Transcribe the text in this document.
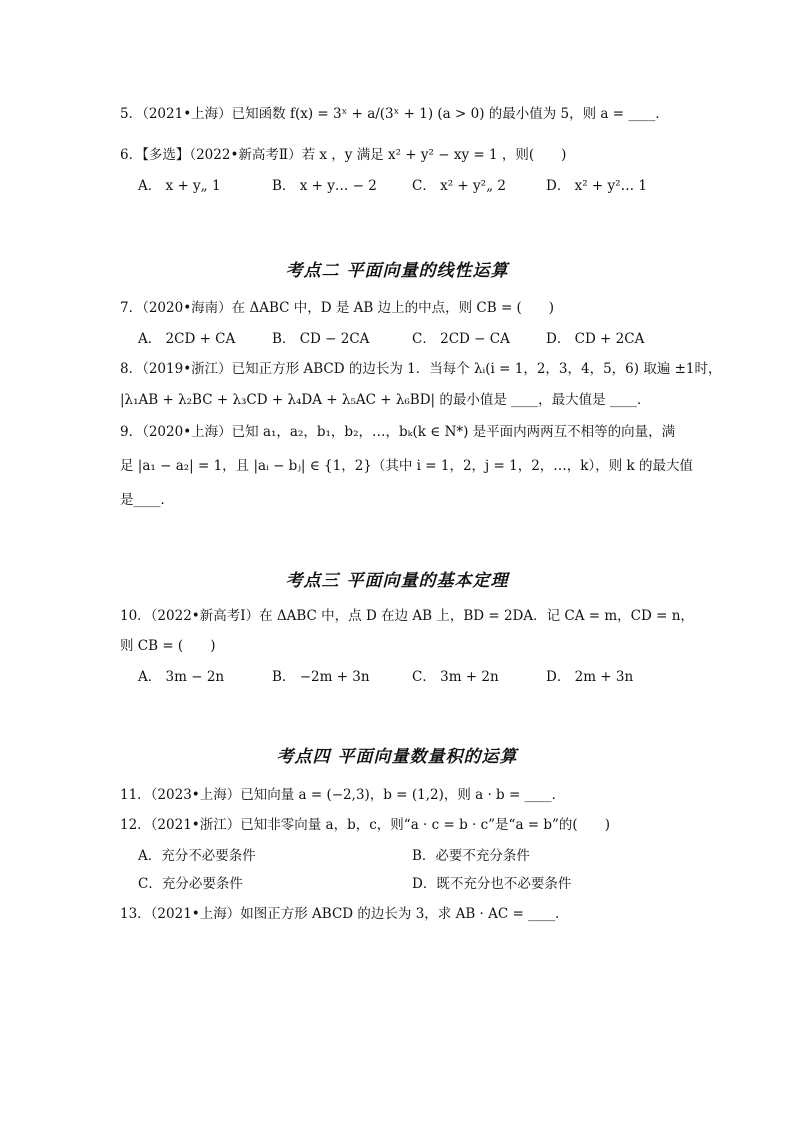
5．（2021•上海）已知函数 f(x) = 3ˣ + a/(3ˣ + 1) (a > 0) 的最小值为 5，则 a = ____．
6．【多选】（2022•新高考Ⅱ）若 x ，y 满足 x² + y² − xy = 1 ，则(　　)
A． x + y„ 1	B． x + y… − 2	C． x² + y²„ 2	D． x² + y²… 1
考点二 平面向量的线性运算
7．（2020•海南）在 ΔABC 中，D 是 AB 边上的中点，则 CB = (　　)
A． 2CD + CA	B． CD − 2CA	C． 2CD − CA	D． CD + 2CA
8．（2019•浙江）已知正方形 ABCD 的边长为 1．当每个 λᵢ(i = 1，2，3，4，5，6) 取遍 ±1时，
|λ₁AB + λ₂BC + λ₃CD + λ₄DA + λ₅AC + λ₆BD| 的最小值是 ____，最大值是 ____．
9．（2020•上海）已知 a₁，a₂，b₁，b₂，…，bₖ(k ∈ N*) 是平面内两两互不相等的向量，满
足 |a₁ − a₂| = 1，且 |aᵢ − bⱼ| ∈ {1，2}（其中 i = 1，2，j = 1，2，…，k），则 k 的最大值
是____．
考点三 平面向量的基本定理
10．（2022•新高考Ⅰ）在 ΔABC 中，点 D 在边 AB 上，BD = 2DA．记 CA = m，CD = n，
则 CB = (　　)
A． 3m − 2n	B． −2m + 3n	C． 3m + 2n	D． 2m + 3n
考点四 平面向量数量积的运算
11．（2023•上海）已知向量 a = (−2,3)，b = (1,2)，则 a · b = ____．
12．（2021•浙江）已知非零向量 a，b，c，则“a · c = b · c”是“a = b”的(　　)
A．充分不必要条件	B．必要不充分条件
C．充分必要条件	D．既不充分也不必要条件
13．（2021•上海）如图正方形 ABCD 的边长为 3，求 AB · AC = ____．
